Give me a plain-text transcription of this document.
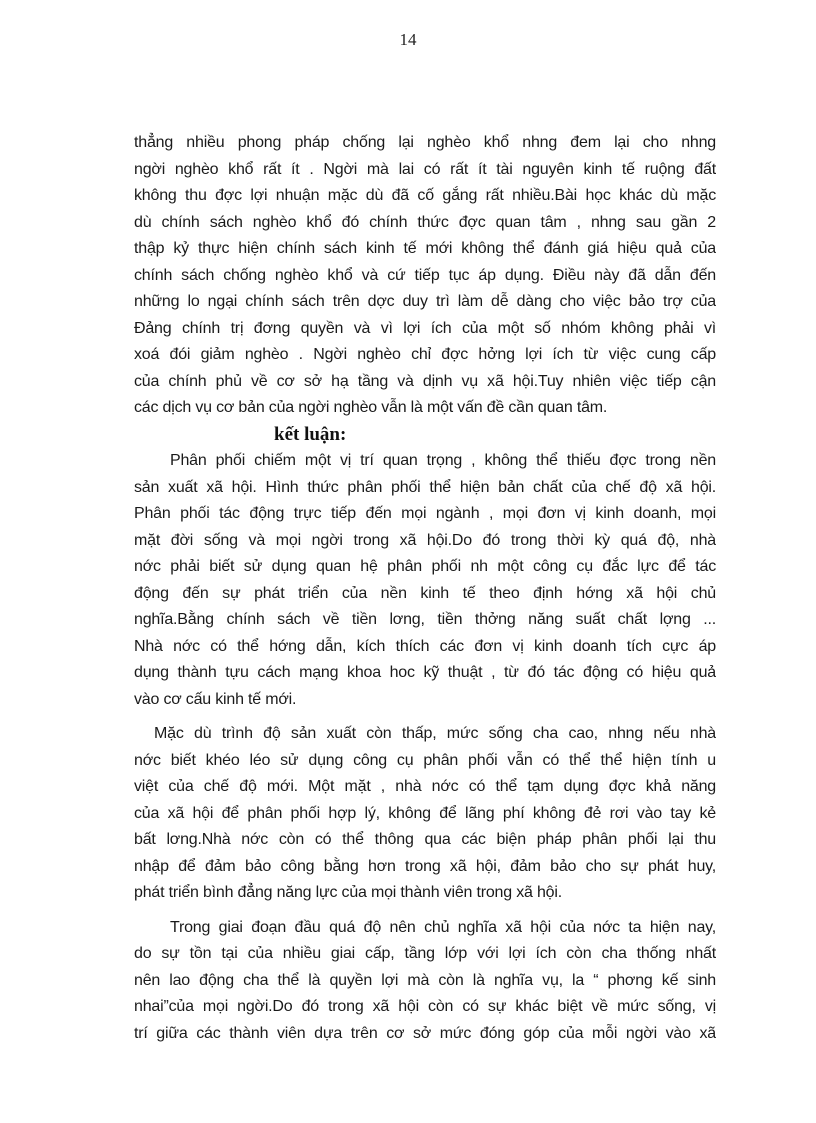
14
thẳng nhiều phong pháp chống lại nghèo khổ nhng đem lại cho nhng
ngời nghèo khổ rất ít . Ngời mà lai có rất ít tài nguyên kinh tế ruộng đất
không thu đợc lợi nhuận mặc dù đã cố gắng rất nhiều.Bài học khác dù mặc
dù chính sách nghèo khổ đó chính thức đợc quan tâm , nhng sau gần 2
thập kỷ thực hiện chính sách kinh tế mới không thể đánh giá hiệu quả của
chính sách chống nghèo khổ và cứ tiếp tục áp dụng. Điều này đã dẫn đến
những lo ngại chính sách trên dợc duy trì làm dễ dàng cho việc bảo trợ của
Đảng chính trị đơng quyền và vì lợi ích của một số nhóm không phải vì
xoá đói giảm nghèo . Ngời nghèo chỉ đợc hởng lợi ích từ việc cung cấp
của chính phủ về cơ sở hạ tầng và dịnh vụ xã hội.Tuy nhiên việc tiếp cận
các dịch vụ cơ bản của ngời nghèo vẫn là một vấn đề cần quan tâm.
kết luận:
Phân phối chiếm một vị trí quan trọng , không thể thiếu đợc trong nền
sản xuất xã hội. Hình thức phân phối thể hiện bản chất của chế độ xã hội.
Phân phối tác động trực tiếp đến mọi ngành , mọi đơn vị kinh doanh, mọi
mặt đời sống và mọi ngời trong xã hội.Do đó trong thời kỳ quá độ, nhà
nớc phải biết sử dụng quan hệ phân phối nh một công cụ đắc lực để tác
động đến sự phát triển của nền kinh tế theo định hớng xã hội chủ
nghĩa.Bằng chính sách về tiền lơng, tiền thởng năng suất chất lợng ...
Nhà nớc có thể hớng dẫn, kích thích các đơn vị kinh doanh tích cực áp
dụng thành tựu cách mạng khoa hoc kỹ thuật , từ đó tác động có hiệu quả
vào cơ cấu kinh tế mới.
Mặc dù trình độ sản xuất còn thấp, mức sống cha cao, nhng nếu nhà
nớc biết khéo léo sử dụng công cụ phân phối vẫn có thể thể hiện tính u
việt của chế độ mới. Một mặt , nhà nớc có thể tạm dụng đợc khả năng
của xã hội để phân phối hợp lý, không để lãng phí không đẻ rơi vào tay kẻ
bất lơng.Nhà nớc còn có thể thông qua các biện pháp phân phối lại thu
nhập để đảm bảo công bằng hơn trong xã hội, đảm bảo cho sự phát huy,
phát triển bình đẳng năng lực của mọi thành viên trong xã hội.
Trong giai đoạn đầu quá độ nên chủ nghĩa xã hội của nớc ta hiện nay,
do sự tồn tại của nhiều giai cấp, tầng lớp với lợi ích còn cha thống nhất
nên lao động cha thể là quyền lợi mà còn là nghĩa vụ, la “ phơng kế sinh
nhai”của mọi ngời.Do đó trong xã hội còn có sự khác biệt về mức sống, vị
trí giữa các thành viên dựa trên cơ sở mức đóng góp của mỗi ngời vào xã
